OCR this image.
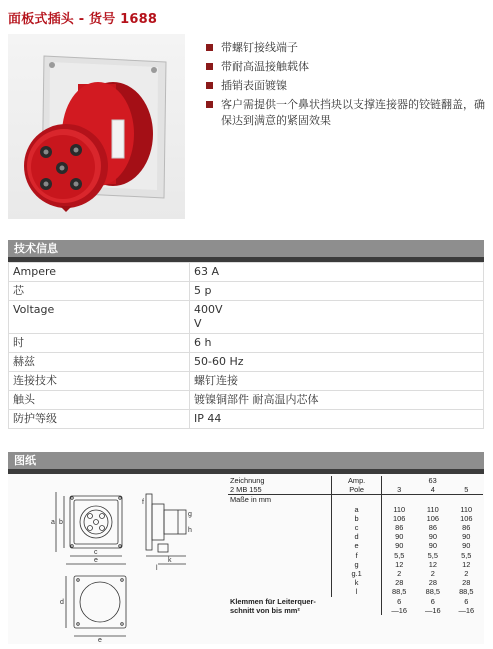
面板式插头 - 货号 1688
带螺钉接线端子
带耐高温接触载体
插销表面镀镍
客户需提供一个鼻状挡块以支撑连接器的铰链翻盖，确保达到满意的紧固效果
技术信息
Ampere	63 A
芯	5 p
Voltage	400V
V
时	6 h
赫兹	50-60 Hz
连接技术	螺钉连接
触头	镀镍铜部件 耐高温内芯体
防护等级	IP 44
图纸
a b
c
e	k
l
d
e
f
g
h
Zeichnung	Amp.	63		
2 MB 155	Pole	3	4	5
Maße in mm				
	a	110	110	110
	b	106	106	106
	c	86	86	86
	d	90	90	90
	e	90	90	90
	f	5,5	5,5	5,5
	g	12	12	12
	g.1	2	2	2
	k	28	28	28
	l	88,5	88,5	88,5
Klemmen für Leiterquer-		6	6	6
schnitt von bis mm²		—16	—16	—16
